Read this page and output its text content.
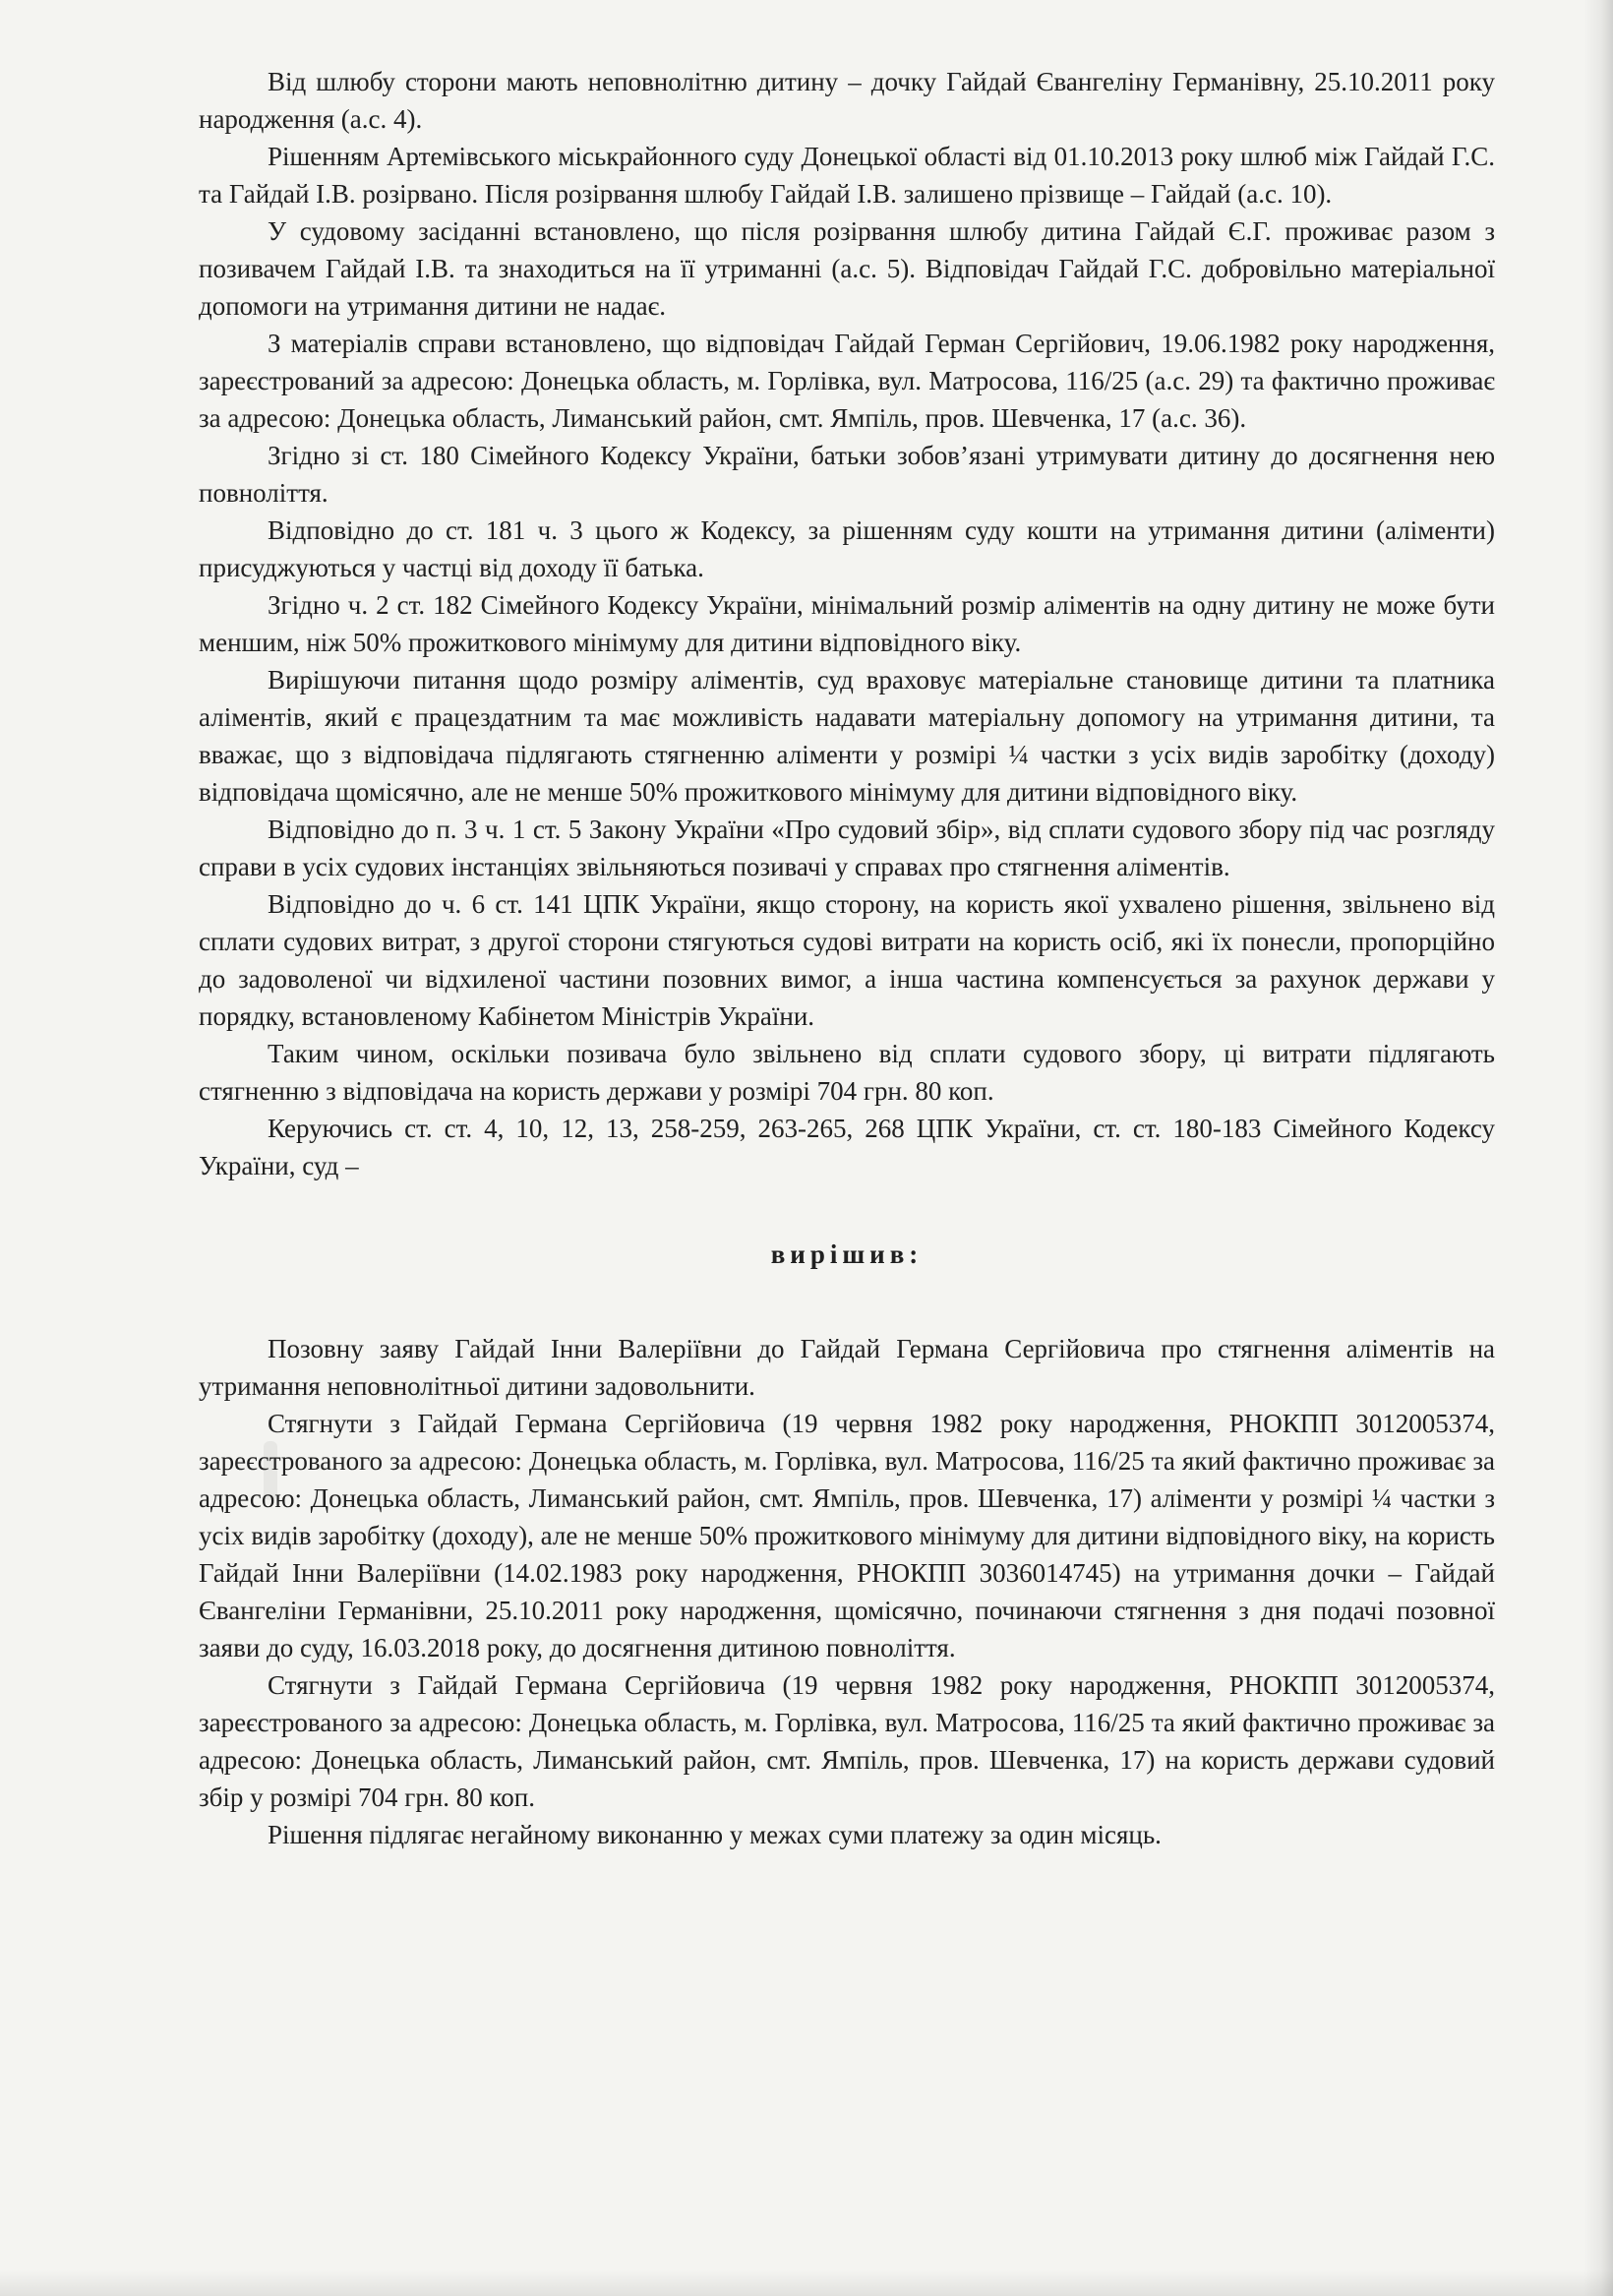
Від шлюбу сторони мають неповнолітню дитину – дочку Гайдай Євангеліну Германівну, 25.10.2011 року народження (а.с. 4).

Рішенням Артемівського міськрайонного суду Донецької області від 01.10.2013 року шлюб між Гайдай Г.С. та Гайдай І.В. розірвано. Після розірвання шлюбу Гайдай І.В. залишено прізвище – Гайдай (а.с. 10).

У судовому засіданні встановлено, що після розірвання шлюбу дитина Гайдай Є.Г. проживає разом з позивачем Гайдай І.В. та знаходиться на її утриманні (а.с. 5). Відповідач Гайдай Г.С. добровільно матеріальної допомоги на утримання дитини не надає.

З матеріалів справи встановлено, що відповідач Гайдай Герман Сергійович, 19.06.1982 року народження, зареєстрований за адресою: Донецька область, м. Горлівка, вул. Матросова, 116/25 (а.с. 29) та фактично проживає за адресою: Донецька область, Лиманський район, смт. Ямпіль, пров. Шевченка, 17 (а.с. 36).

Згідно зі ст. 180 Сімейного Кодексу України, батьки зобов’язані утримувати дитину до досягнення нею повноліття.

Відповідно до ст. 181 ч. 3 цього ж Кодексу, за рішенням суду кошти на утримання дитини (аліменти) присуджуються у частці від доходу її батька.

Згідно ч. 2 ст. 182 Сімейного Кодексу України, мінімальний розмір аліментів на одну дитину не може бути меншим, ніж 50% прожиткового мінімуму для дитини відповідного віку.

Вирішуючи питання щодо розміру аліментів, суд враховує матеріальне становище дитини та платника аліментів, який є працездатним та має можливість надавати матеріальну допомогу на утримання дитини, та вважає, що з відповідача підлягають стягненню аліменти у розмірі ¼ частки з усіх видів заробітку (доходу) відповідача щомісячно, але не менше 50% прожиткового мінімуму для дитини відповідного віку.

Відповідно до п. 3 ч. 1 ст. 5 Закону України «Про судовий збір», від сплати судового збору під час розгляду справи в усіх судових інстанціях звільняються позивачі у справах про стягнення аліментів.

Відповідно до ч. 6 ст. 141 ЦПК України, якщо сторону, на користь якої ухвалено рішення, звільнено від сплати судових витрат, з другої сторони стягуються судові витрати на користь осіб, які їх понесли, пропорційно до задоволеної чи відхиленої частини позовних вимог, а інша частина компенсується за рахунок держави у порядку, встановленому Кабінетом Міністрів України.

Таким чином, оскільки позивача було звільнено від сплати судового збору, ці витрати підлягають стягненню з відповідача на користь держави у розмірі 704 грн. 80 коп.

Керуючись ст. ст. 4, 10, 12, 13, 258-259, 263-265, 268 ЦПК України, ст. ст. 180-183 Сімейного Кодексу України, суд –

вирішив:

Позовну заяву Гайдай Інни Валеріївни до Гайдай Германа Сергійовича про стягнення аліментів на утримання неповнолітньої дитини задовольнити.

Стягнути з Гайдай Германа Сергійовича (19 червня 1982 року народження, РНОКПП 3012005374, зареєстрованого за адресою: Донецька область, м. Горлівка, вул. Матросова, 116/25 та який фактично проживає за адресою: Донецька область, Лиманський район, смт. Ямпіль, пров. Шевченка, 17) аліменти у розмірі ¼ частки з усіх видів заробітку (доходу), але не менше 50% прожиткового мінімуму для дитини відповідного віку, на користь Гайдай Інни Валеріївни (14.02.1983 року народження, РНОКПП 3036014745) на утримання дочки – Гайдай Євангеліни Германівни, 25.10.2011 року народження, щомісячно, починаючи стягнення з дня подачі позовної заяви до суду, 16.03.2018 року, до досягнення дитиною повноліття.

Стягнути з Гайдай Германа Сергійовича (19 червня 1982 року народження, РНОКПП 3012005374, зареєстрованого за адресою: Донецька область, м. Горлівка, вул. Матросова, 116/25 та який фактично проживає за адресою: Донецька область, Лиманський район, смт. Ямпіль, пров. Шевченка, 17) на користь держави судовий збір у розмірі 704 грн. 80 коп.

Рішення підлягає негайному виконанню у межах суми платежу за один місяць.
